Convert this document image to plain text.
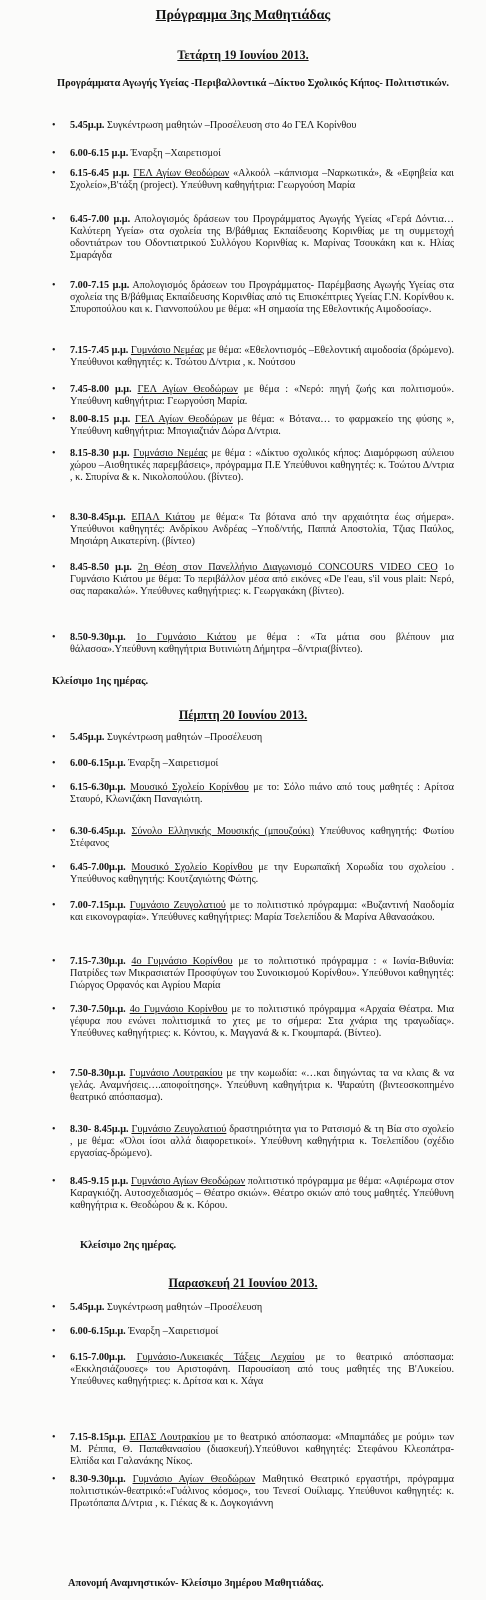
Πρόγραμμα 3ης Μαθητιάδας
Τετάρτη 19 Ιουνίου 2013.
Προγράμματα Αγωγής Υγείας -Περιβαλλοντικά –Δίκτυο Σχολικός Κήπος- Πολιτιστικών.
• 5.45μ.μ. Συγκέντρωση μαθητών –Προσέλευση στο 4ο ΓΕΛ Κορίνθου
• 6.00-6.15 μ.μ. Έναρξη –Χαιρετισμοί
• 6.15-6.45 μ.μ. ΓΕΛ Αγίων Θεοδώρων «Αλκοόλ –κάπνισμα –Ναρκωτικά», & «Εφηβεία και Σχολείο»,Β'τάξη (project). Υπεύθυνη καθηγήτρια: Γεωργούση Μαρία
• 6.45-7.00 μ.μ. Απολογισμός δράσεων του Προγράμματος Αγωγής Υγείας «Γερά Δόντια…Καλύτερη Υγεία» στα σχολεία της Β/βάθμιας Εκπαίδευσης Κορινθίας με τη συμμετοχή οδοντιάτρων του Οδοντιατρικού Συλλόγου Κορινθίας κ. Μαρίνας Τσουκάκη και κ. Ηλίας Σμαράγδα
• 7.00-7.15 μ.μ. Απολογισμός δράσεων του Προγράμματος- Παρέμβασης Αγωγής Υγείας στα σχολεία της Β/βάθμιας Εκπαίδευσης Κορινθίας από τις Επισκέπτριες Υγείας Γ.Ν. Κορίνθου κ. Σπυροπούλου και κ. Γιαννοπούλου με θέμα: «Η σημασία της Εθελοντικής Αιμοδοσίας».
• 7.15-7.45 μ.μ. Γυμνάσιο Νεμέας με θέμα: «Εθελοντισμός –Εθελοντική αιμοδοσία (δρώμενο). Υπεύθυνοι καθηγητές: κ. Τσώτου Δ/ντρια , κ. Νούτσου
• 7.45-8.00 μ.μ. ΓΕΛ Αγίων Θεοδώρων με θέμα : «Νερό: πηγή ζωής και πολιτισμού». Υπεύθυνη καθηγήτρια: Γεωργούση Μαρία.
• 8.00-8.15 μ.μ. ΓΕΛ Αγίων Θεοδώρων με θέμα: « Βότανα… το φαρμακείο της φύσης », Υπεύθυνη καθηγήτρια: Μπογιαζτιάν Δώρα Δ/ντρια.
• 8.15-8.30 μ.μ. Γυμνάσιο Νεμέας με θέμα : «Δίκτυο σχολικός κήπος: Διαμόρφωση αύλειου χώρου –Αισθητικές παρεμβάσεις», πρόγραμμα Π.Ε Υπεύθυνοι καθηγητές: κ. Τσώτου Δ/ντρια , κ. Σπυρίνα & κ. Νικολοπούλου. (βίντεο).
• 8.30-8.45μ.μ. ΕΠΑΛ Κιάτου με θέμα:« Τα βότανα από την αρχαιότητα έως σήμερα». Υπεύθυνοι καθηγητές: Ανδρίκου Ανδρέας –Υποδ/ντής, Παππά Αποστολία, Τζιας Παύλος, Μησιάρη Αικατερίνη. (βίντεο)
• 8.45-8.50 μ.μ. 2η Θέση στον Πανελλήνιο Διαγωνισμό CONCOURS VIDEO CEO 1ο Γυμνάσιο Κιάτου με θέμα: Το περιβάλλον μέσα από εικόνες «De l'eau, s'il vous plait: Νερό, σας παρακαλώ». Υπεύθυνες καθηγήτριες: κ. Γεωργακάκη (βίντεο).
• 8.50-9.30μ.μ. 1ο Γυμνάσιο Κιάτου με θέμα : «Τα μάτια σου βλέπουν μια θάλασσα».Υπεύθυνη καθηγήτρια Βυτινιώτη Δήμητρα –δ/ντρια(βίντεο).
Κλείσιμο 1ης ημέρας.
Πέμπτη 20 Ιουνίου 2013.
• 5.45μ.μ. Συγκέντρωση μαθητών –Προσέλευση
• 6.00-6.15μ.μ. Έναρξη –Χαιρετισμοί
• 6.15-6.30μ.μ. Μουσικό Σχολείο Κορίνθου με το: Σόλο πιάνο από τους μαθητές : Αρίτσα Σταυρό, Κλωνιζάκη Παναγιώτη.
• 6.30-6.45μ.μ. Σύνολο Ελληνικής Μουσικής (μπουζούκι) Υπεύθυνος καθηγητής: Φωτίου Στέφανος
• 6.45-7.00μ.μ. Μουσικό Σχολείο Κορίνθου με την Ευρωπαϊκή Χορωδία του σχολείου . Υπεύθυνος καθηγητής: Κουτζαγιώτης Φώτης.
• 7.00-7.15μ.μ. Γυμνάσιο Ζευγολατιού με το πολιτιστικό πρόγραμμα: «Βυζαντινή Ναοδομία και εικονογραφία». Υπεύθυνες καθηγήτριες: Μαρία Τσελεπίδου & Μαρίνα Αθανασάκου.
• 7.15-7.30μ.μ. 4ο Γυμνάσιο Κορίνθου με το πολιτιστικό πρόγραμμα : « Ιωνία-Βιθυνία: Πατρίδες των Μικρασιατών Προσφύγων του Συνοικισμού Κορίνθου». Υπεύθυνοι καθηγητές: Γιώργος Ορφανός και Αγρίου Μαρία
• 7.30-7.50μ.μ. 4ο Γυμνάσιο Κορίνθου με το πολιτιστικό πρόγραμμα «Αρχαία Θέατρα. Μια γέφυρα που ενώνει πολιτισμικά το χτες με το σήμερα: Στα χνάρια της τραγωδίας». Υπεύθυνες καθηγήτριες: κ. Κόντου, κ. Μαγγανά & κ. Γκουμπαρά. (Βίντεο).
• 7.50-8.30μ.μ. Γυμνάσιο Λουτρακίου με την κωμωδία: «…και διηγώντας τα να κλαις & να γελάς. Αναμνήσεις….αποφοίτησης». Υπεύθυνη καθηγήτρια κ. Ψαραύτη (βιντεοσκοπημένο θεατρικό απόσπασμα).
• 8.30- 8.45μ.μ. Γυμνάσιο Ζευγολατιού δραστηριότητα για το Ρατσισμό & τη Βία στο σχολείο , με θέμα: «Όλοι ίσοι αλλά διαφορετικοί». Υπεύθυνη καθηγήτρια κ. Τσελεπίδου (σχέδιο εργασίας-δρώμενο).
• 8.45-9.15 μ.μ. Γυμνάσιο Αγίων Θεοδώρων πολιτιστικό πρόγραμμα με θέμα: «Αφιέρωμα στον Καραγκιόζη. Αυτοσχεδιασμός – Θέατρο σκιών». Θέατρο σκιών από τους μαθητές. Υπεύθυνη καθηγήτρια κ. Θεοδώρου & κ. Κόρου.
Κλείσιμο 2ης ημέρας.
Παρασκευή 21 Ιουνίου 2013.
• 5.45μ.μ. Συγκέντρωση μαθητών –Προσέλευση
• 6.00-6.15μ.μ. Έναρξη –Χαιρετισμοί
• 6.15-7.00μ.μ. Γυμνάσιο-Λυκειακές Τάξεις Λεχαίου με το θεατρικό απόσπασμα: «Εκκλησιάζουσες» του Αριστοφάνη. Παρουσίαση από τους μαθητές της Β'Λυκείου. Υπεύθυνες καθηγήτριες: κ. Δρίτσα και κ. Χάγα
• 7.15-8.15μ.μ. ΕΠΑΣ Λουτρακίου με το θεατρικό απόσπασμα: «Μπαμπάδες με ρούμι» των Μ. Ρέππα, Θ. Παπαθανασίου (διασκευή).Υπεύθυνοι καθηγητές: Στεφάνου Κλεοπάτρα-Ελπίδα και Γαλανάκης Νίκος.
• 8.30-9.30μ.μ. Γυμνάσιο Αγίων Θεοδώρων Μαθητικό Θεατρικό εργαστήρι, πρόγραμμα πολιτιστικών-θεατρικό:«Γυάλινος κόσμος», του Τενεσί Ουίλιαμς. Υπεύθυνοι καθηγητές: κ. Πρωτόπαπα Δ/ντρια , κ. Γιέκας & κ. Δογκογιάννη
Απονομή Αναμνηστικών- Κλείσιμο 3ημέρου Μαθητιάδας.
